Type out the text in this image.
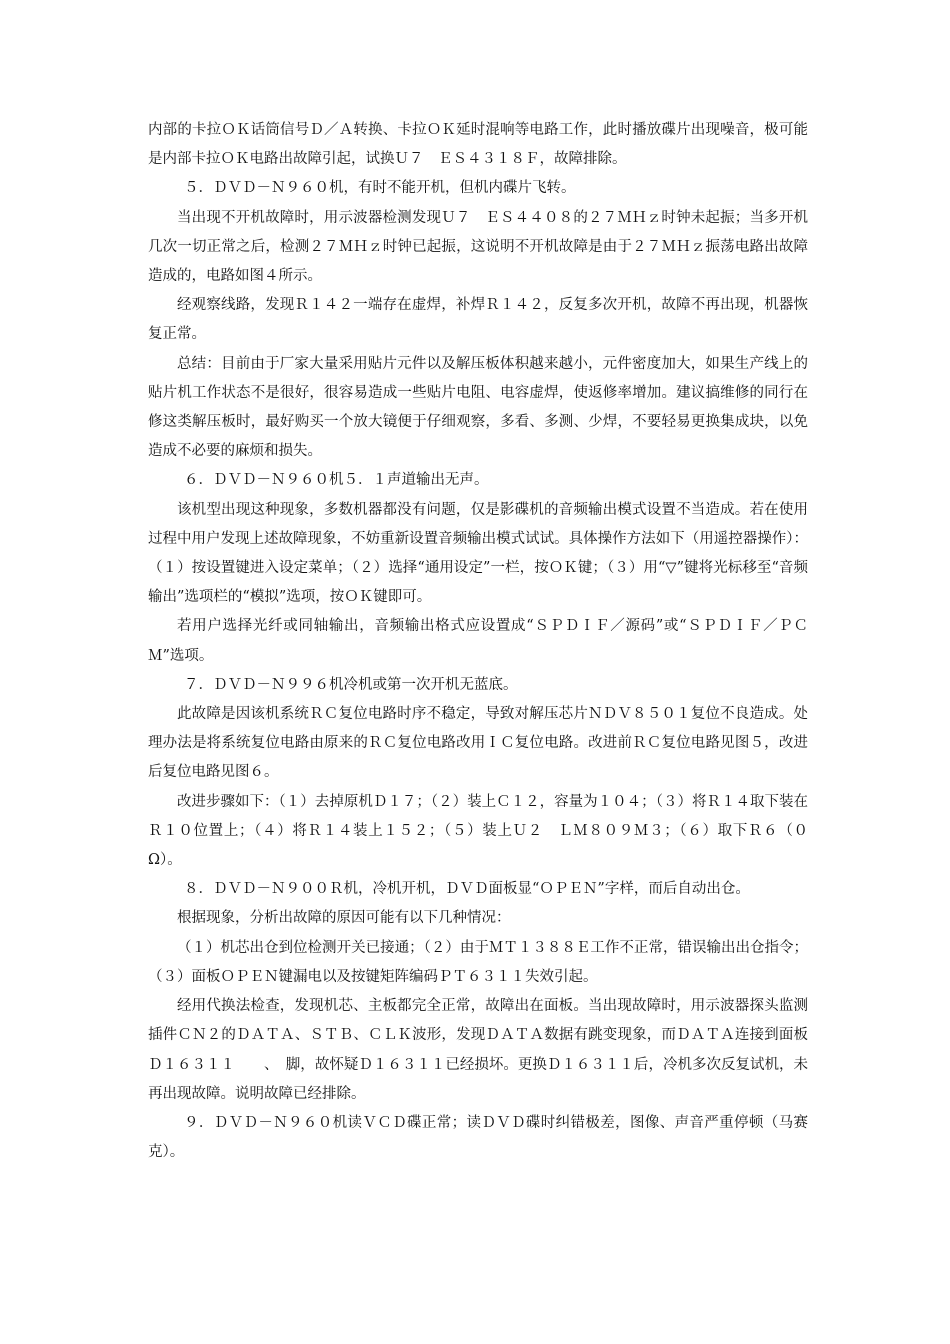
内部的卡拉ＯＫ话筒信号Ｄ／Ａ转换、卡拉ＯＫ延时混响等电路工作，此时播放碟片出现噪音，极可能是内部卡拉ＯＫ电路出故障引起，试换Ｕ７　ＥＳ４３１８Ｆ，故障排除。

５．ＤＶＤ－Ｎ９６０机，有时不能开机，但机内碟片飞转。

当出现不开机故障时，用示波器检测发现Ｕ７　ＥＳ４４０８的２７ＭＨｚ时钟未起振；当多开机几次一切正常之后，检测２７ＭＨｚ时钟已起振，这说明不开机故障是由于２７ＭＨｚ振荡电路出故障造成的，电路如图４所示。

经观察线路，发现Ｒ１４２一端存在虚焊，补焊Ｒ１４２，反复多次开机，故障不再出现，机器恢复正常。

总结：目前由于厂家大量采用贴片元件以及解压板体积越来越小，元件密度加大，如果生产线上的贴片机工作状态不是很好，很容易造成一些贴片电阻、电容虚焊，使返修率增加。建议搞维修的同行在修这类解压板时，最好购买一个放大镜便于仔细观察，多看、多测、少焊，不要轻易更换集成块，以免造成不必要的麻烦和损失。

６．ＤＶＤ－Ｎ９６０机５．１声道输出无声。

该机型出现这种现象，多数机器都没有问题，仅是影碟机的音频输出模式设置不当造成。若在使用过程中用户发现上述故障现象，不妨重新设置音频输出模式试试。具体操作方法如下（用遥控器操作）：（１）按设置键进入设定菜单；（２）选择“通用设定”一栏，按ＯＫ键；（３）用“▽”键将光标移至“音频输出”选项栏的“模拟”选项，按ＯＫ键即可。

若用户选择光纤或同轴输出，音频输出格式应设置成“ＳＰＤＩＦ／源码”或“ＳＰＤＩＦ／ＰＣＭ”选项。

７．ＤＶＤ－Ｎ９９６机冷机或第一次开机无蓝底。

此故障是因该机系统ＲＣ复位电路时序不稳定，导致对解压芯片ＮＤＶ８５０１复位不良造成。处理办法是将系统复位电路由原来的ＲＣ复位电路改用ＩＣ复位电路。改进前ＲＣ复位电路见图５，改进后复位电路见图６。

改进步骤如下：（１）去掉原机Ｄ１７；（２）装上Ｃ１２，容量为１０４；（３）将Ｒ１４取下装在Ｒ１０位置上；（４）将Ｒ１４装上１５２；（５）装上Ｕ２　ＬＭ８０９Ｍ３；（６）取下Ｒ６（０Ω）。

８．ＤＶＤ－Ｎ９００Ｒ机，冷机开机，ＤＶＤ面板显“ＯＰＥＮ”字样，而后自动出仓。

根据现象，分析出故障的原因可能有以下几种情况：

（１）机芯出仓到位检测开关已接通；（２）由于ＭＴ１３８８Ｅ工作不正常，错误输出出仓指令；（３）面板ＯＰＥＮ键漏电以及按键矩阵编码ＰＴ６３１１失效引起。

经用代换法检查，发现机芯、主板都完全正常，故障出在面板。当出现故障时，用示波器探头监测插件ＣＮ２的ＤＡＴＡ、ＳＴＢ、ＣＬＫ波形，发现ＤＡＴＡ数据有跳变现象，而ＤＡＴＡ连接到面板Ｄ１６３１１　　、　脚，故怀疑Ｄ１６３１１已经损坏。更换Ｄ１６３１１后，冷机多次反复试机，未再出现故障。说明故障已经排除。

９．ＤＶＤ－Ｎ９６０机读ＶＣＤ碟正常；读ＤＶＤ碟时纠错极差，图像、声音严重停顿（马赛克）。
